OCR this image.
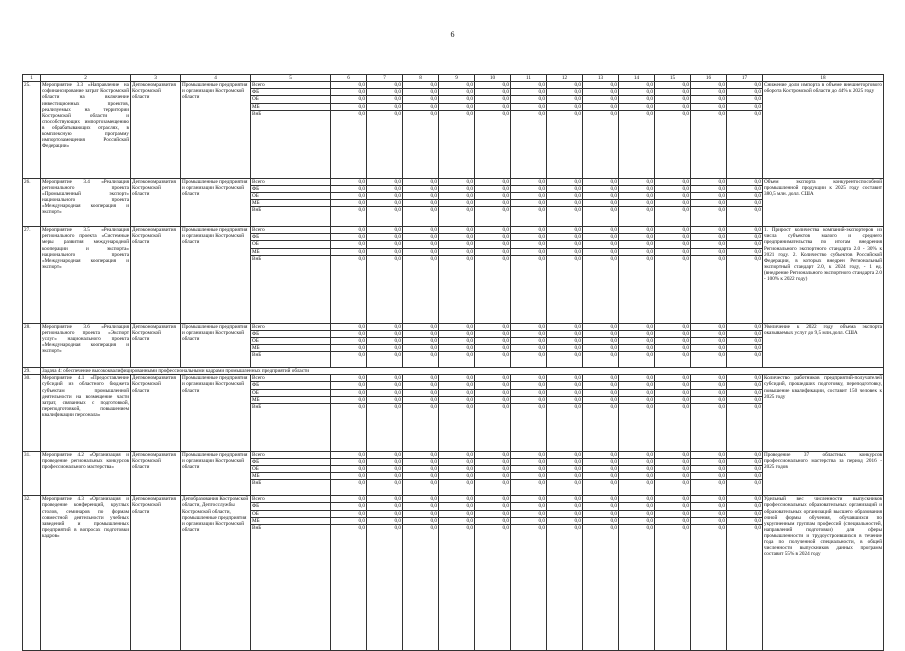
6
1	2	3	4	5	6	7	8	9	10	11	12	13	14	15	16	17	18
25.	Мероприятие 3.3 «Направление на софинансирование затрат Костромской области на включение инвестиционных проектов, реализуемых на территории Костромской области и способствующих импортозамещению в обрабатывающих отраслях, в комплексную программу импортозамещения Российской Федерации»	Депэкономразвития Костромской области	Промышленные предприятия и организации Костромской области	Всего	0,0	0,0	0,0	0,0	0,0	0,0	0,0	0,0	0,0	0,0	0,0	0,0	Снижение доли импорта в объеме внешнеторгового оборота Костромской области до 44% к 2025 году
				ФБ	0,0	0,0	0,0	0,0	0,0	0,0	0,0	0,0	0,0	0,0	0,0	0,0	
				ОБ	0,0	0,0	0,0	0,0	0,0	0,0	0,0	0,0	0,0	0,0	0,0	0,0	
				МБ	0,0	0,0	0,0	0,0	0,0	0,0	0,0	0,0	0,0	0,0	0,0	0,0	
				ВнБ	0,0	0,0	0,0	0,0	0,0	0,0	0,0	0,0	0,0	0,0	0,0	0,0	
26.	Мероприятие 3.4 «Реализация регионального проекта «Промышленный экспорт» национального проекта «Международная кооперация и экспорт»	Депэкономразвития Костромской области	Промышленные предприятия и организации Костромской области	Всего	0,0	0,0	0,0	0,0	0,0	0,0	0,0	0,0	0,0	0,0	0,0	0,0	Объем экспорта конкурентоспособной промышленной продукции к 2025 году составит 380,5 млн. долл. США
				ФБ	0,0	0,0	0,0	0,0	0,0	0,0	0,0	0,0	0,0	0,0	0,0	0,0	
				ОБ	0,0	0,0	0,0	0,0	0,0	0,0	0,0	0,0	0,0	0,0	0,0	0,0	
				МБ	0,0	0,0	0,0	0,0	0,0	0,0	0,0	0,0	0,0	0,0	0,0	0,0	
				ВнБ	0,0	0,0	0,0	0,0	0,0	0,0	0,0	0,0	0,0	0,0	0,0	0,0	
27.	Мероприятие 3.5 «Реализация регионального проекта «Системные меры развития международной кооперации и экспорта» национального проекта «Международная кооперация и экспорт»	Депэкономразвития Костромской области	Промышленные предприятия и организации Костромской области	Всего	0,0	0,0	0,0	0,0	0,0	0,0	0,0	0,0	0,0	0,0	0,0	0,0	1. Прирост количества компаний-экспортеров из числа субъектов малого и среднего предпринимательства по итогам внедрения Регионального экспортного стандарта 2.0 - 30% к 2021 году. 2. Количество субъектов Российской Федерации, в которых внедрен Региональный экспортный стандарт 2.0, к 2024 году, - 1 ед. (внедрение Регионального экспортного стандарта 2.0 - 100% к 2022 году)
				ФБ	0,0	0,0	0,0	0,0	0,0	0,0	0,0	0,0	0,0	0,0	0,0	0,0	
				ОБ	0,0	0,0	0,0	0,0	0,0	0,0	0,0	0,0	0,0	0,0	0,0	0,0	
				МБ	0,0	0,0	0,0	0,0	0,0	0,0	0,0	0,0	0,0	0,0	0,0	0,0	
				ВнБ	0,0	0,0	0,0	0,0	0,0	0,0	0,0	0,0	0,0	0,0	0,0	0,0	
28.	Мероприятие 3.6 «Реализация регионального проекта «Экспорт услуг» национального проекта «Международная кооперация и экспорт»	Депэкономразвития Костромской области	Промышленные предприятия и организации Костромской области	Всего	0,0	0,0	0,0	0,0	0,0	0,0	0,0	0,0	0,0	0,0	0,0	0,0	Увеличение к 2022 году объема экспорта оказываемых услуг до 9,5 млн.долл. США
				ФБ	0,0	0,0	0,0	0,0	0,0	0,0	0,0	0,0	0,0	0,0	0,0	0,0	
				ОБ	0,0	0,0	0,0	0,0	0,0	0,0	0,0	0,0	0,0	0,0	0,0	0,0	
				МБ	0,0	0,0	0,0	0,0	0,0	0,0	0,0	0,0	0,0	0,0	0,0	0,0	
				ВнБ	0,0	0,0	0,0	0,0	0,0	0,0	0,0	0,0	0,0	0,0	0,0	0,0	
29.	Задача 4: обеспечение высококвалифицированными профессиональными кадрами промышленных предприятий области																
30.	Мероприятие 4.1 «Предоставление субсидий из областного бюджета субъектам промышленной деятельности на возмещение части затрат, связанных с подготовкой, переподготовкой, повышением квалификации персонала»	Депэкономразвития Костромской области	Промышленные предприятия и организации Костромской области	Всего	0,0	0,0	0,0	0,0	0,0	0,0	0,0	0,0	0,0	0,0	0,0	0,0	Количество работников предприятий-получателей субсидий, прошедших подготовку, переподготовку, повышение квалификации, составит 150 человек к 2025 году
				ФБ	0,0	0,0	0,0	0,0	0,0	0,0	0,0	0,0	0,0	0,0	0,0	0,0	
				ОБ	0,0	0,0	0,0	0,0	0,0	0,0	0,0	0,0	0,0	0,0	0,0	0,0	
				МБ	0,0	0,0	0,0	0,0	0,0	0,0	0,0	0,0	0,0	0,0	0,0	0,0	
				ВнБ	0,0	0,0	0,0	0,0	0,0	0,0	0,0	0,0	0,0	0,0	0,0	0,0	
31.	Мероприятие 4.2 «Организация и проведение региональных конкурсов профессионального мастерства»	Депэкономразвития Костромской области	Промышленные предприятия и организации Костромской области	Всего	0,0	0,0	0,0	0,0	0,0	0,0	0,0	0,0	0,0	0,0	0,0	0,0	Проведение 37 областных конкурсов профессионального мастерства за период 2016 - 2025 годов
				ФБ	0,0	0,0	0,0	0,0	0,0	0,0	0,0	0,0	0,0	0,0	0,0	0,0	
				ОБ	0,0	0,0	0,0	0,0	0,0	0,0	0,0	0,0	0,0	0,0	0,0	0,0	
				МБ	0,0	0,0	0,0	0,0	0,0	0,0	0,0	0,0	0,0	0,0	0,0	0,0	
				ВнБ	0,0	0,0	0,0	0,0	0,0	0,0	0,0	0,0	0,0	0,0	0,0	0,0	
32.	Мероприятие 4.3 «Организация и проведение конференций, круглых столов, семинаров по формам совместной деятельности учебных заведений и промышленных предприятий в вопросах подготовки кадров»	Депэкономразвития Костромской области	Депобразования Костромской области, Депгосслужбы Костромской области, промышленные предприятия и организации Костромской области	Всего	0,0	0,0	0,0	0,0	0,0	0,0	0,0	0,0	0,0	0,0	0,0	0,0	Удельный вес численности выпускников профессиональных образовательных организаций и образовательных организаций высшего образования очной формы обучения, обучавшихся по укрупненным группам профессий (специальностей, направлений подготовки) для сферы промышленности и трудоустроившихся в течение года по полученной специальности, в общей численности выпускников данных программ составит 55% в 2024 году
				ФБ	0,0	0,0	0,0	0,0	0,0	0,0	0,0	0,0	0,0	0,0	0,0	0,0	
				ОБ	0,0	0,0	0,0	0,0	0,0	0,0	0,0	0,0	0,0	0,0	0,0	0,0	
				МБ	0,0	0,0	0,0	0,0	0,0	0,0	0,0	0,0	0,0	0,0	0,0	0,0	
				ВнБ	0,0	0,0	0,0	0,0	0,0	0,0	0,0	0,0	0,0	0,0	0,0	0,0	
